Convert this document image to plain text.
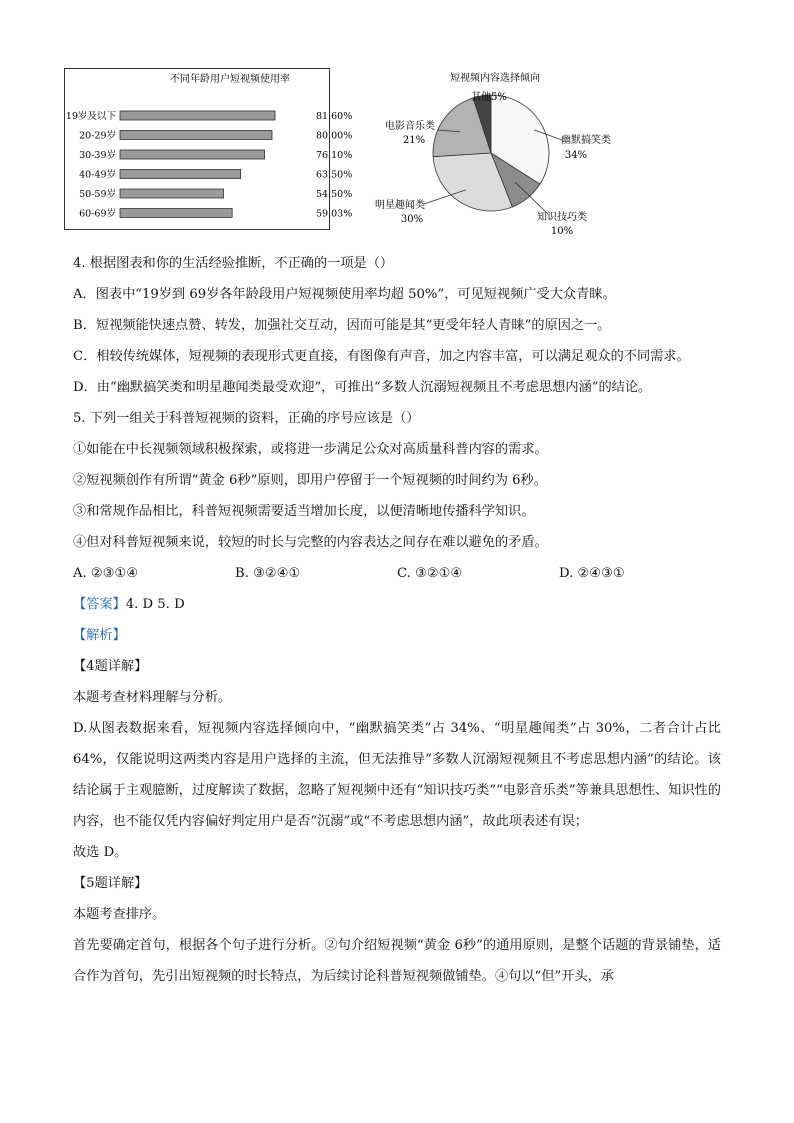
不同年龄用户短视频使用率
19岁及以下	81.60%
20-29岁	80.00%
30-39岁	76.10%
40-49岁	63.50%
50-59岁	54.50%
60-69岁	59.03%
短视频内容选择倾向
幽默搞笑类
34%
知识技巧类
10%
明星趣闻类
30%
电影音乐类
21%
其他5%

4. 根据图表和你的生活经验推断，不正确的一项是（）

A．图表中“19岁到 69岁各年龄段用户短视频使用率均超 50%”，可见短视频广受大众青睐。

B．短视频能快速点赞、转发，加强社交互动，因而可能是其“更受年轻人青睐”的原因之一。

C．相较传统媒体，短视频的表现形式更直接，有图像有声音，加之内容丰富，可以满足观众的不同需求。

D．由“幽默搞笑类和明星趣闻类最受欢迎”，可推出“多数人沉溺短视频且不考虑思想内涵”的结论。

5. 下列一组关于科普短视频的资料，正确的序号应该是（）

①如能在中长视频领域积极探索，或将进一步满足公众对高质量科普内容的需求。

②短视频创作有所谓“黄金 6秒”原则，即用户停留于一个短视频的时间约为 6秒。

③和常规作品相比，科普短视频需要适当增加长度，以便清晰地传播科学知识。

④但对科普短视频来说，较短的时长与完整的内容表达之间存在难以避免的矛盾。

A. ②③①④	B. ③②④①	C. ③②①④	D. ②④③①

【答案】4. D 5. D

【解析】

【4题详解】

本题考查材料理解与分析。

D.从图表数据来看，短视频内容选择倾向中，“幽默搞笑类”占 34%、“明星趣闻类”占 30%，二者合计占比 64%，仅能说明这两类内容是用户选择的主流，但无法推导“多数人沉溺短视频且不考虑思想内涵”的结论。该结论属于主观臆断，过度解读了数据，忽略了短视频中还有“知识技巧类”“电影音乐类”等兼具思想性、知识性的内容，也不能仅凭内容偏好判定用户是否“沉溺”或“不考虑思想内涵”，故此项表述有误；

故选 D。

【5题详解】

本题考查排序。

首先要确定首句，根据各个句子进行分析。②句介绍短视频“黄金 6秒”的通用原则，是整个话题的背景铺垫，适合作为首句，先引出短视频的时长特点，为后续讨论科普短视频做铺垫。④句以“但”开头，承
